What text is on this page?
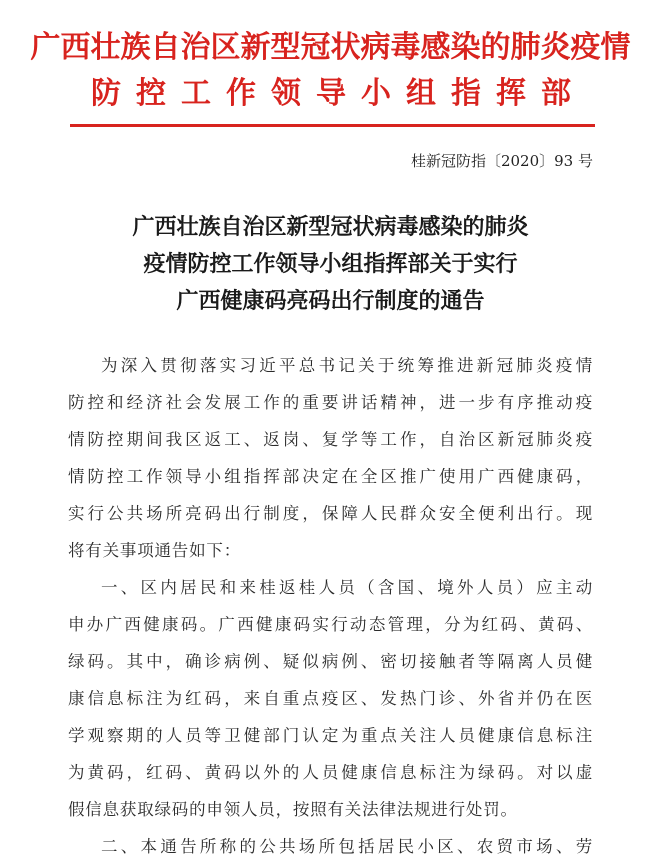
广西壮族自治区新型冠状病毒感染的肺炎疫情
防控工作领导小组指挥部
桂新冠防指〔2020〕93 号
广西壮族自治区新型冠状病毒感染的肺炎
疫情防控工作领导小组指挥部关于实行
广西健康码亮码出行制度的通告
为深入贯彻落实习近平总书记关于统筹推进新冠肺炎疫情
防控和经济社会发展工作的重要讲话精神，进一步有序推动疫
情防控期间我区返工、返岗、复学等工作，自治区新冠肺炎疫
情防控工作领导小组指挥部决定在全区推广使用广西健康码，
实行公共场所亮码出行制度，保障人民群众安全便利出行。现
将有关事项通告如下：
一、区内居民和来桂返桂人员（含国、境外人员）应主动
申办广西健康码。广西健康码实行动态管理，分为红码、黄码、
绿码。其中，确诊病例、疑似病例、密切接触者等隔离人员健
康信息标注为红码，来自重点疫区、发热门诊、外省并仍在医
学观察期的人员等卫健部门认定为重点关注人员健康信息标注
为黄码，红码、黄码以外的人员健康信息标注为绿码。对以虚
假信息获取绿码的申领人员，按照有关法律法规进行处罚。
二、本通告所称的公共场所包括居民小区、农贸市场、劳
